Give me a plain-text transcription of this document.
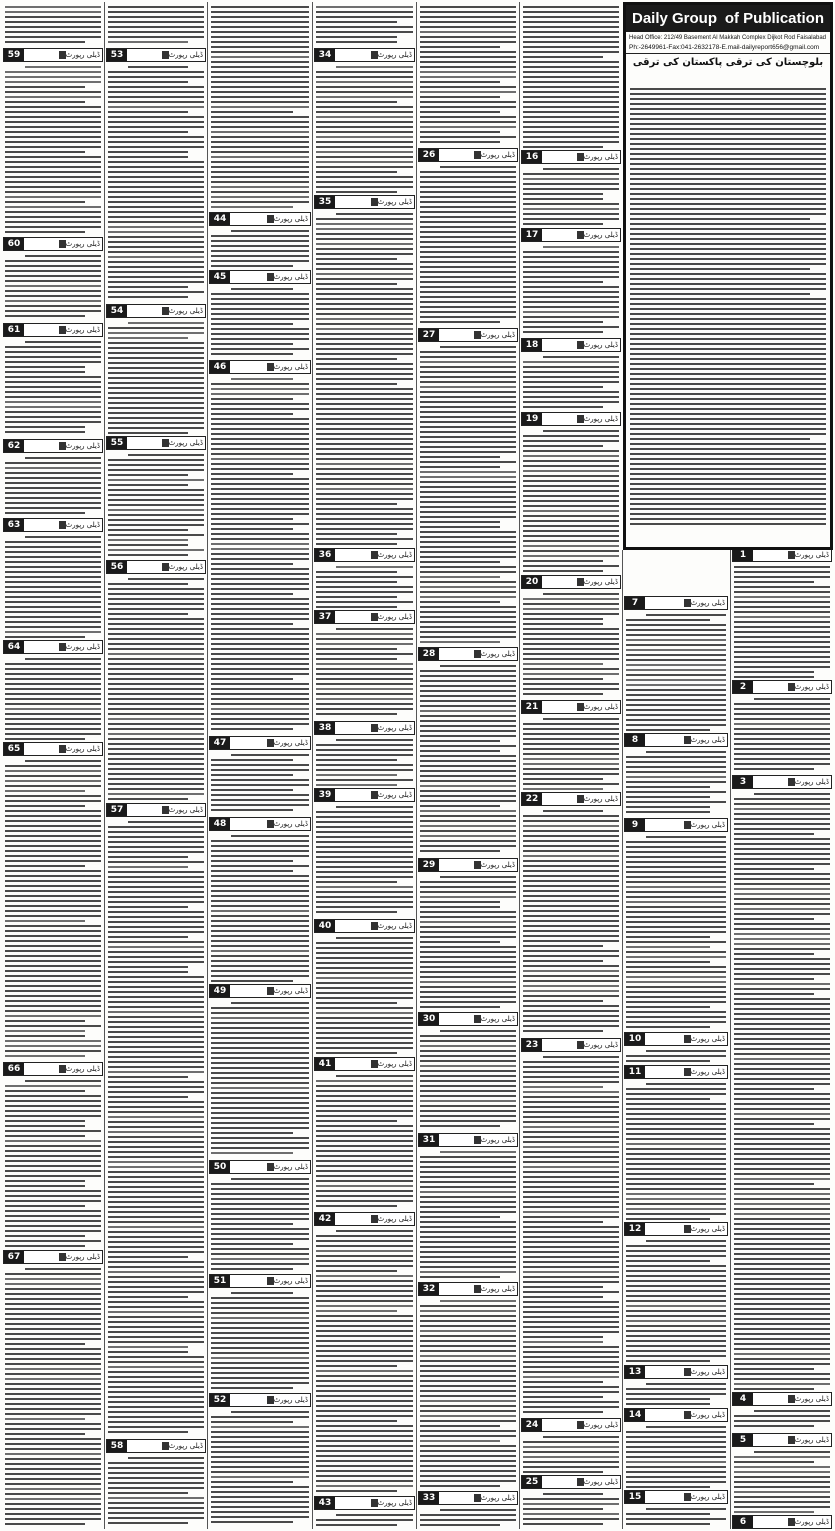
1	ڈیلی رپورٹ
2	ڈیلی رپورٹ
3	ڈیلی رپورٹ
4	ڈیلی رپورٹ
5	ڈیلی رپورٹ
6	ڈیلی رپورٹ
7	ڈیلی رپورٹ
8	ڈیلی رپورٹ
9	ڈیلی رپورٹ
10	ڈیلی رپورٹ
11	ڈیلی رپورٹ
12	ڈیلی رپورٹ
13	ڈیلی رپورٹ
14	ڈیلی رپورٹ
15	ڈیلی رپورٹ
16	ڈیلی رپورٹ
17	ڈیلی رپورٹ
18	ڈیلی رپورٹ
19	ڈیلی رپورٹ
20	ڈیلی رپورٹ
21	ڈیلی رپورٹ
22	ڈیلی رپورٹ
23	ڈیلی رپورٹ
24	ڈیلی رپورٹ
25	ڈیلی رپورٹ
26	ڈیلی رپورٹ
27	ڈیلی رپورٹ
28	ڈیلی رپورٹ
29	ڈیلی رپورٹ
30	ڈیلی رپورٹ
31	ڈیلی رپورٹ
32	ڈیلی رپورٹ
33	ڈیلی رپورٹ
34	ڈیلی رپورٹ
35	ڈیلی رپورٹ
36	ڈیلی رپورٹ
37	ڈیلی رپورٹ
38	ڈیلی رپورٹ
39	ڈیلی رپورٹ
40	ڈیلی رپورٹ
41	ڈیلی رپورٹ
42	ڈیلی رپورٹ
43	ڈیلی رپورٹ
44	ڈیلی رپورٹ
45	ڈیلی رپورٹ
46	ڈیلی رپورٹ
47	ڈیلی رپورٹ
48	ڈیلی رپورٹ
49	ڈیلی رپورٹ
50	ڈیلی رپورٹ
51	ڈیلی رپورٹ
52	ڈیلی رپورٹ
53	ڈیلی رپورٹ
54	ڈیلی رپورٹ
55	ڈیلی رپورٹ
56	ڈیلی رپورٹ
57	ڈیلی رپورٹ
58	ڈیلی رپورٹ
59	ڈیلی رپورٹ
60	ڈیلی رپورٹ
61	ڈیلی رپورٹ
62	ڈیلی رپورٹ
63	ڈیلی رپورٹ
64	ڈیلی رپورٹ
65	ڈیلی رپورٹ
66	ڈیلی رپورٹ
67	ڈیلی رپورٹ
Daily Group of Publication
Head Office: 212/49 Basement Al Makkah Complex Dijkot Rod Faisalabad
Ph:-2649961-Fax:041-2632178-E.mail-dailyreport656@gmail.com
بلوچستان کی ترقی پاکستان کی ترقی
